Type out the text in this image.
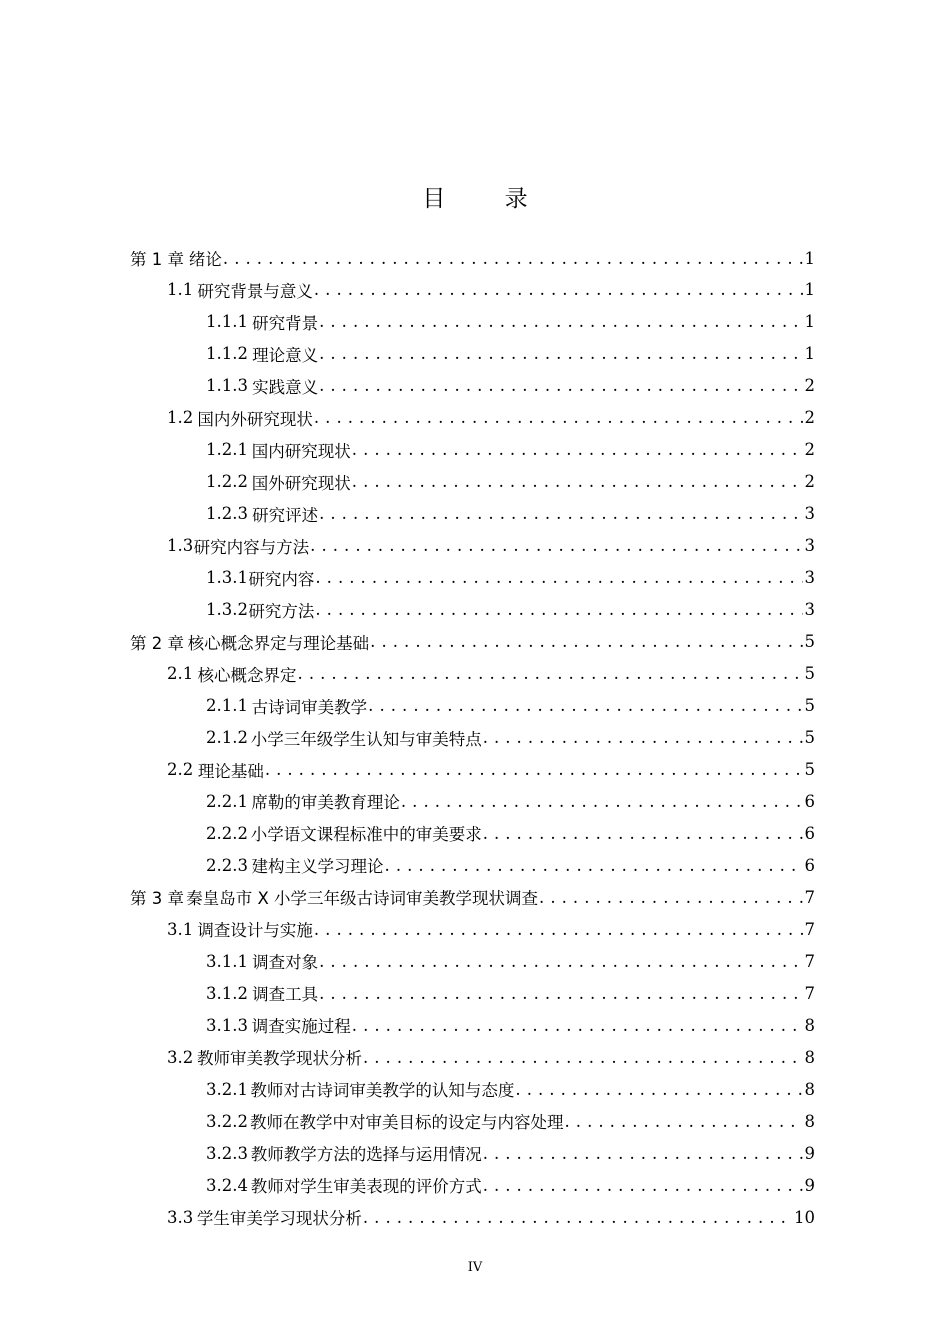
目 录
第 1 章 绪论 . . .	1
1.1 研究背景与意义 . . .	1
1.1.1 研究背景 . . .	1
1.1.2 理论意义 . . .	1
1.1.3 实践意义 . . .	2
1.2 国内外研究现状 . . .	2
1.2.1 国内研究现状 . . .	2
1.2.2 国外研究现状 . . .	2
1.2.3 研究评述 . . .	3
1.3 研究内容与方法 . . .	3
1.3.1 研究内容 . . .	3
1.3.2 研究方法 . . .	3
第 2 章 核心概念界定与理论基础 . . .	5
2.1 核心概念界定 . . .	5
2.1.1 古诗词审美教学 . . .	5
2.1.2 小学三年级学生认知与审美特点 . . .	5
2.2 理论基础 . . .	5
2.2.1 席勒的审美教育理论 . . .	6
2.2.2 小学语文课程标准中的审美要求 . . .	6
2.2.3 建构主义学习理论 . . .	6
第 3 章 秦皇岛市 X 小学三年级古诗词审美教学现状调查 . . .	7
3.1 调查设计与实施 . . .	7
3.1.1 调查对象 . . .	7
3.1.2 调查工具 . . .	7
3.1.3 调查实施过程 . . .	8
3.2 教师审美教学现状分析 . . .	8
3.2.1 教师对古诗词审美教学的认知与态度 . . .	8
3.2.2 教师在教学中对审美目标的设定与内容处理 . . .	8
3.2.3 教师教学方法的选择与运用情况 . . .	9
3.2.4 教师对学生审美表现的评价方式 . . .	9
3.3 学生审美学习现状分析 . . .	10
IV
